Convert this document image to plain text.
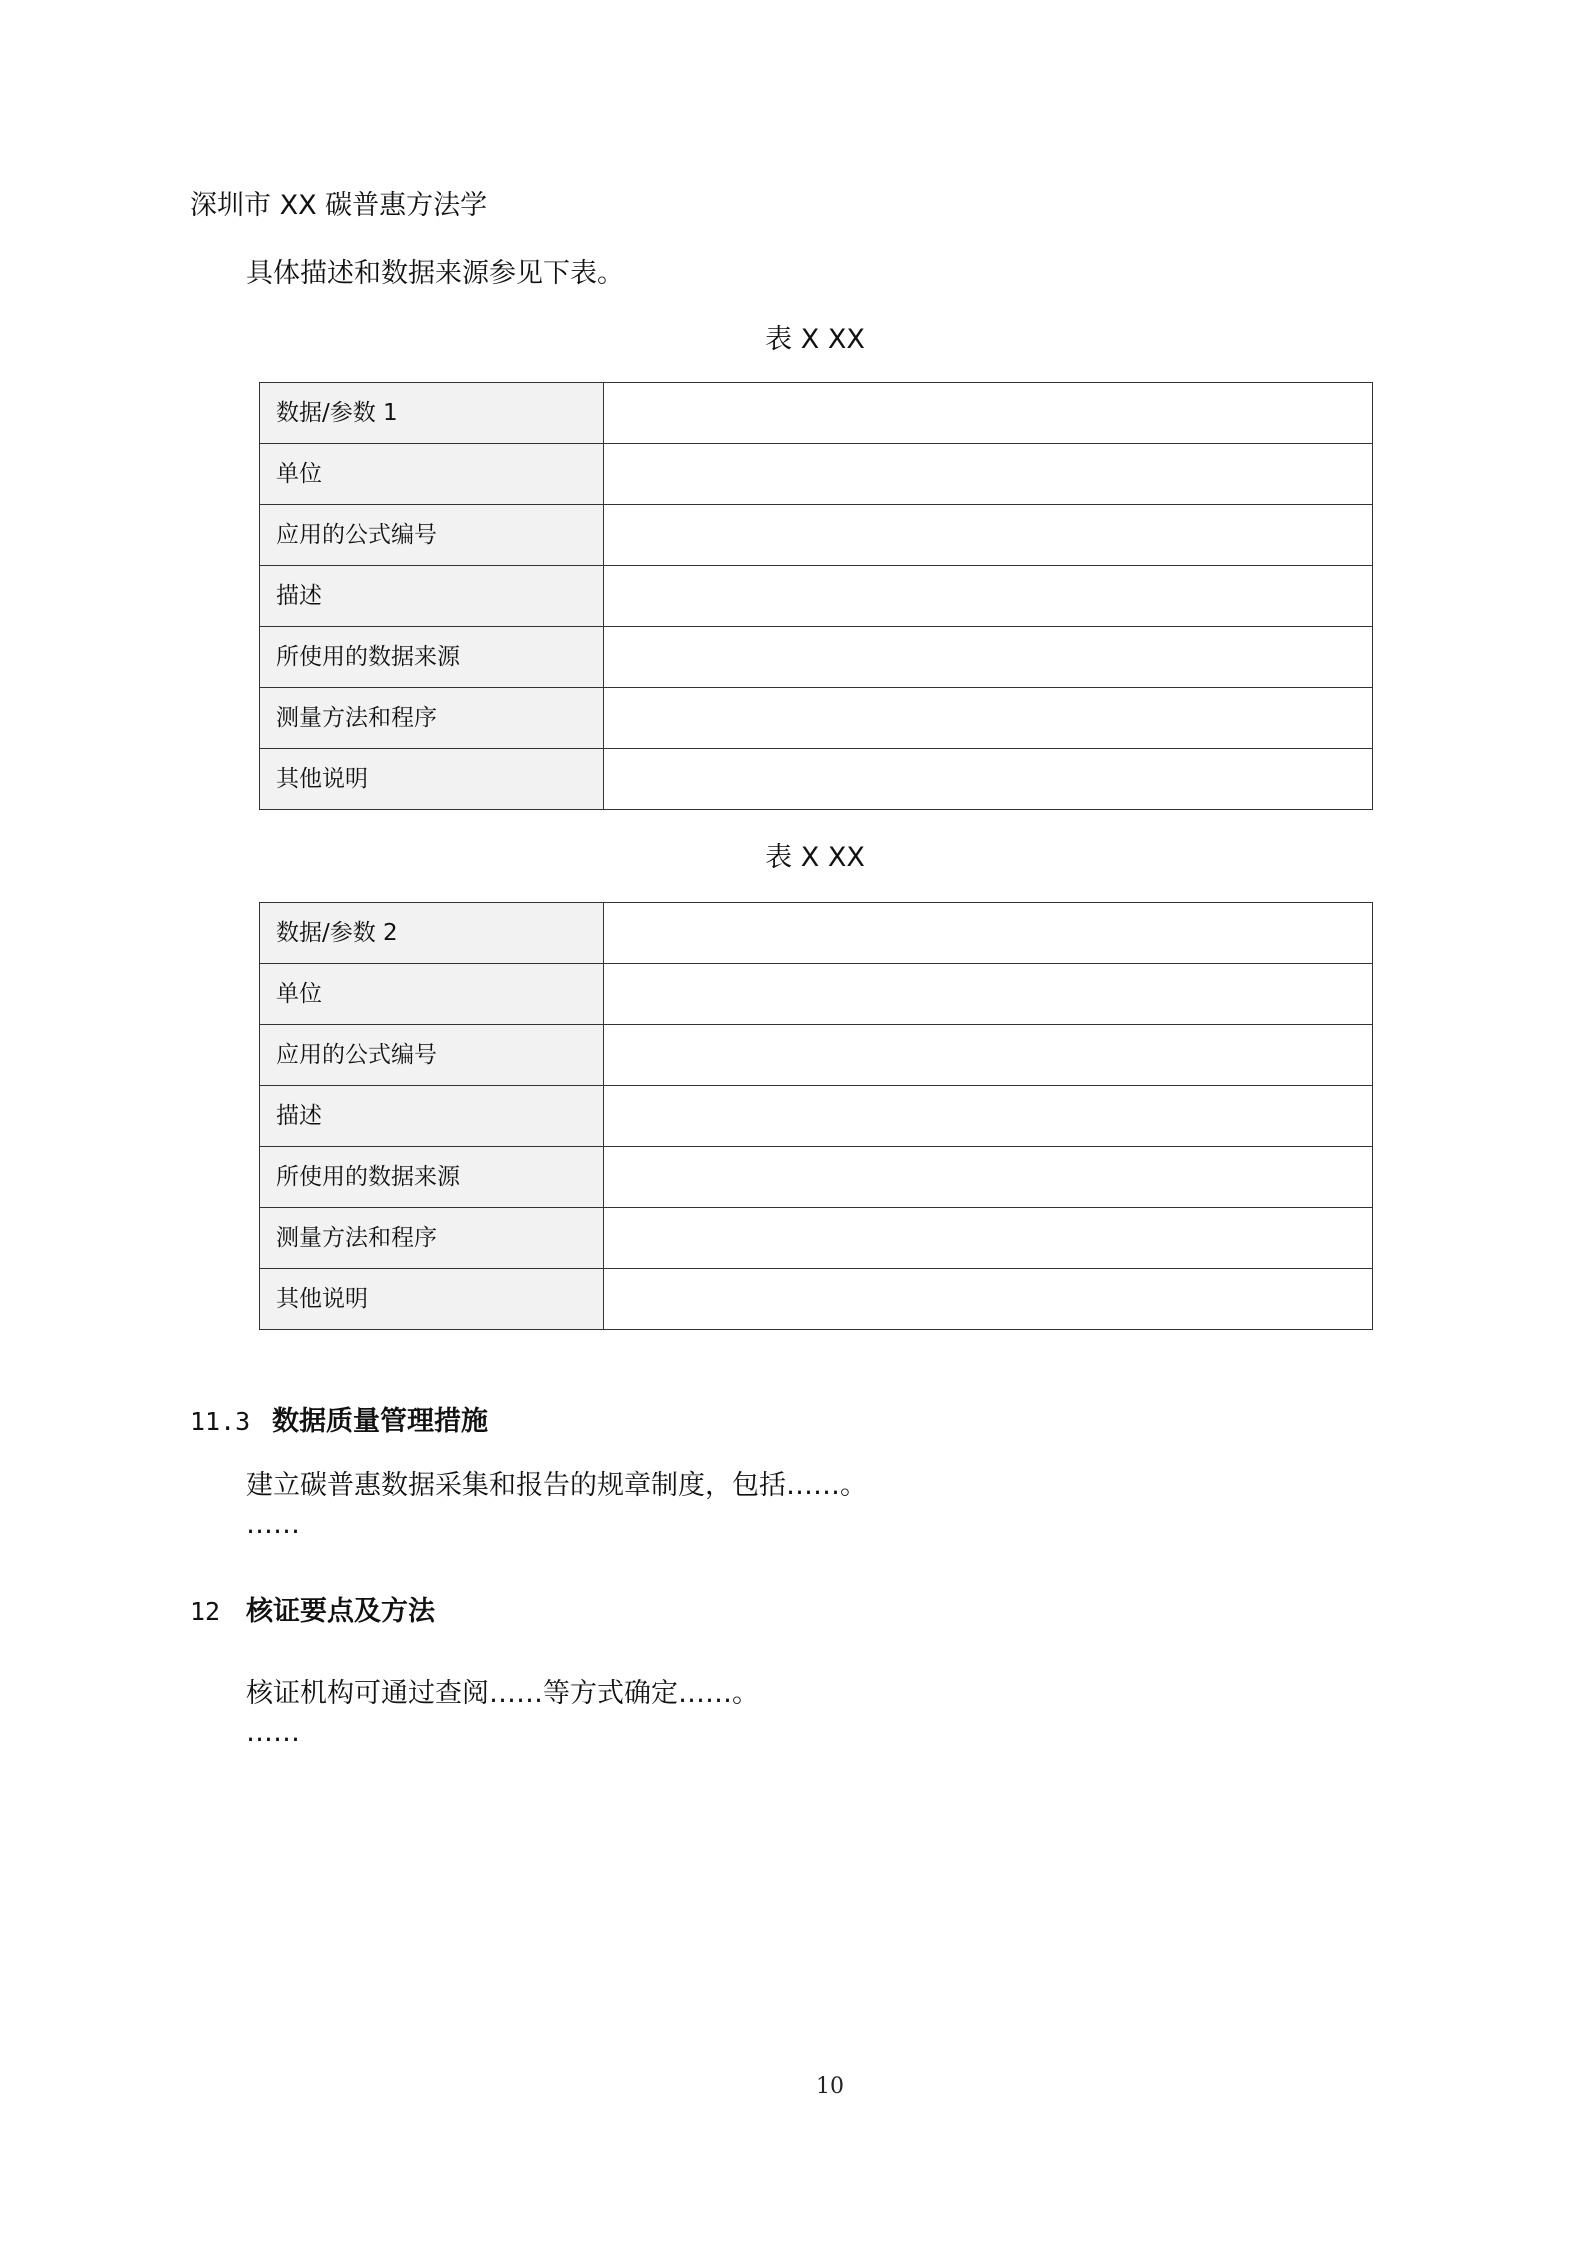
深圳市 XX 碳普惠方法学
具体描述和数据来源参见下表。
表 X XX
数据/参数 1	
单位	
应用的公式编号	
描述	
所使用的数据来源	
测量方法和程序	
其他说明	
表 X XX
数据/参数 2	
单位	
应用的公式编号	
描述	
所使用的数据来源	
测量方法和程序	
其他说明	
11.3 数据质量管理措施
建立碳普惠数据采集和报告的规章制度，包括……。
……
12 核证要点及方法
核证机构可通过查阅……等方式确定……。
……
10
